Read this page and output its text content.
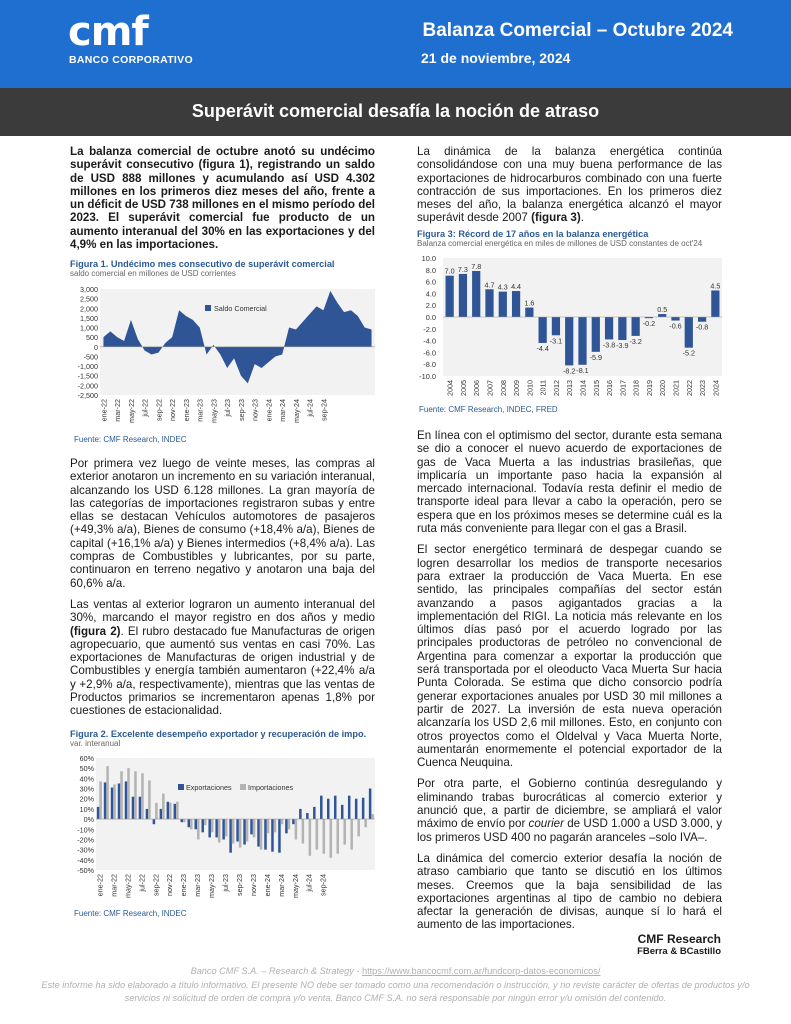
cmf
BANCO CORPORATIVO
Balanza Comercial – Octubre 2024
21 de noviembre, 2024
Superávit comercial desafía la noción de atraso

La balanza comercial de octubre anotó su undécimo superávit consecutivo (figura 1), registrando un saldo de USD 888 millones y acumulando así USD 4.302 millones en los primeros diez meses del año, frente a un déficit de USD 738 millones en el mismo período del 2023. El superávit comercial fue producto de un aumento interanual del 30% en las exportaciones y del 4,9% en las importaciones.

Figura 1. Undécimo mes consecutivo de superávit comercial
saldo comercial en millones de USD corrientes
3,000
2,500
2,000
1,500
1,000
500
0
-500
-1,000
-1,500
-2,000
-2,500
Saldo Comercial
ene-22 mar-22 may-22 jul-22 sep-22 nov-22 ene-23 mar-23 may-23 jul-23 sep-23 nov-23 ene-24 mar-24 may-24 jul-24 sep-24
Fuente: CMF Research, INDEC

Por primera vez luego de veinte meses, las compras al exterior anotaron un incremento en su variación interanual, alcanzando los USD 6.128 millones. La gran mayoría de las categorías de importaciones registraron subas y entre ellas se destacan Vehículos automotores de pasajeros (+49,3% a/a), Bienes de consumo (+18,4% a/a), Bienes de capital (+16,1% a/a) y Bienes intermedios (+8,4% a/a). Las compras de Combustibles y lubricantes, por su parte, continuaron en terreno negativo y anotaron una baja del 60,6% a/a.

Las ventas al exterior lograron un aumento interanual del 30%, marcando el mayor registro en dos años y medio (figura 2). El rubro destacado fue Manufacturas de origen agropecuario, que aumentó sus ventas en casi 70%. Las exportaciones de Manufacturas de origen industrial y de Combustibles y energía también aumentaron (+22,4% a/a y +2,9% a/a, respectivamente), mientras que las ventas de Productos primarios se incrementaron apenas 1,8% por cuestiones de estacionalidad.

Figura 2. Excelente desempeño exportador y recuperación de impo.
var. interanual
60%
50%
40%
30%
20%
10%
0%
-10%
-20%
-30%
-40%
-50%
Exportaciones Importaciones
ene-22 mar-22 may-22 jul-22 sep-22 nov-22 ene-23 mar-23 may-23 jul-23 sep-23 nov-23 ene-24 mar-24 may-24 jul-24 sep-24
Fuente: CMF Research, INDEC

La dinámica de la balanza energética continúa consolidándose con una muy buena performance de las exportaciones de hidrocarburos combinado con una fuerte contracción de sus importaciones. En los primeros diez meses del año, la balanza energética alcanzó el mayor superávit desde 2007 (figura 3).

Figura 3: Récord de 17 años en la balanza energética
Balanza comercial energética en miles de millones de USD constantes de oct'24
10.0
8.0
6.0
4.0
2.0
0.0
-2.0
-4.0
-6.0
-8.0
-10.0
7.0 7.3 7.8
4.7 4.3 4.4
1.6
-4.4
-3.1
-8.2 -8.1
-5.9
-3.8 -3.9 -3.2
-0.2
0.5
-0.6
-5.2
-0.8
4.5
2004 2005 2006 2007 2008 2009 2010 2011 2012 2013 2014 2015 2016 2017 2018 2019 2020 2021 2022 2023 2024
Fuente: CMF Research, INDEC, FRED

En línea con el optimismo del sector, durante esta semana se dio a conocer el nuevo acuerdo de exportaciones de gas de Vaca Muerta a las industrias brasileñas, que implicaría un importante paso hacia la expansión al mercado internacional. Todavía resta definir el medio de transporte ideal para llevar a cabo la operación, pero se espera que en los próximos meses se determine cuál es la ruta más conveniente para llegar con el gas a Brasil.

El sector energético terminará de despegar cuando se logren desarrollar los medios de transporte necesarios para extraer la producción de Vaca Muerta. En ese sentido, las principales compañías del sector están avanzando a pasos agigantados gracias a la implementación del RIGI. La noticia más relevante en los últimos días pasó por el acuerdo logrado por las principales productoras de petróleo no convencional de Argentina para comenzar a exportar la producción que será transportada por el oleoducto Vaca Muerta Sur hacia Punta Colorada. Se estima que dicho consorcio podría generar exportaciones anuales por USD 30 mil millones a partir de 2027. La inversión de esta nueva operación alcanzaría los USD 2,6 mil millones. Esto, en conjunto con otros proyectos como el Oldelval y Vaca Muerta Norte, aumentarán enormemente el potencial exportador de la Cuenca Neuquina.

Por otra parte, el Gobierno continúa desregulando y eliminando trabas burocráticas al comercio exterior y anunció que, a partir de diciembre, se ampliará el valor máximo de envío por courier de USD 1.000 a USD 3.000, y los primeros USD 400 no pagarán aranceles –solo IVA–.

La dinámica del comercio exterior desafía la noción de atraso cambiario que tanto se discutió en los últimos meses. Creemos que la baja sensibilidad de las exportaciones argentinas al tipo de cambio no debiera afectar la generación de divisas, aunque sí lo hará el aumento de las importaciones.

CMF Research
FBerra & BCastillo
Banco CMF S.A. – Research & Strategy - https://www.bancocmf.com.ar/fundcorp-datos-economicos/
Este informe ha sido elaborado a título informativo. El presente NO debe ser tomado como una recomendación o instrucción, y no reviste carácter de ofertas de productos y/o servicios ni solicitud de orden de compra y/o venta. Banco CMF S.A. no será responsable por ningún error y/u omisión del contenido.
